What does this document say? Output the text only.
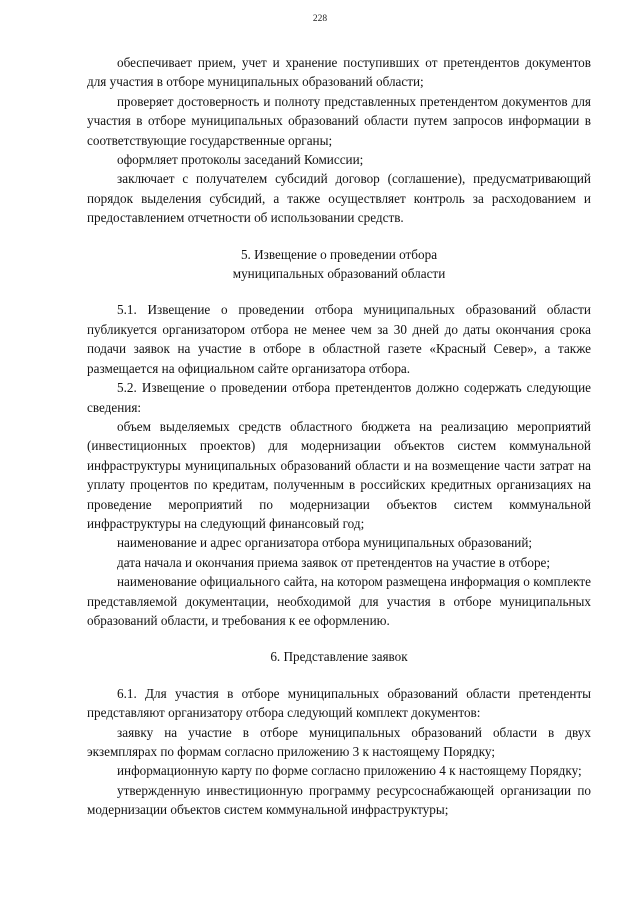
228

обеспечивает прием, учет и хранение поступивших от претендентов документов для участия в отборе муниципальных образований области;

проверяет достоверность и полноту представленных претендентом документов для участия в отборе муниципальных образований области путем запросов информации в соответствующие государственные органы;

оформляет протоколы заседаний Комиссии;

заключает с получателем субсидий договор (соглашение), предусматривающий порядок выделения субсидий, а также осуществляет контроль за расходованием и предоставлением отчетности об использовании средств.

5. Извещение о проведении отбора
муниципальных образований области

5.1. Извещение о проведении отбора муниципальных образований области публикуется организатором отбора не менее чем за 30 дней до даты окончания срока подачи заявок на участие в отборе в областной газете «Красный Север», а также размещается на официальном сайте организатора отбора.

5.2. Извещение о проведении отбора претендентов должно содержать следующие сведения:

объем выделяемых средств областного бюджета на реализацию мероприятий (инвестиционных проектов) для модернизации объектов систем коммунальной инфраструктуры муниципальных образований области и на возмещение части затрат на уплату процентов по кредитам, полученным в российских кредитных организациях на проведение мероприятий по модернизации объектов систем коммунальной инфраструктуры на следующий финансовый год;

наименование и адрес организатора отбора муниципальных образований;

дата начала и окончания приема заявок от претендентов на участие в отборе;

наименование официального сайта, на котором размещена информация о комплекте представляемой документации, необходимой для участия в отборе муниципальных образований области, и требования к ее оформлению.

6. Представление заявок

6.1. Для участия в отборе муниципальных образований области претенденты представляют организатору отбора следующий комплект документов:

заявку на участие в отборе муниципальных образований области в двух экземплярах по формам согласно приложению 3 к настоящему Порядку;

информационную карту по форме согласно приложению 4 к настоящему Порядку;

утвержденную инвестиционную программу ресурсоснабжающей организации по модернизации объектов систем коммунальной инфраструктуры;
